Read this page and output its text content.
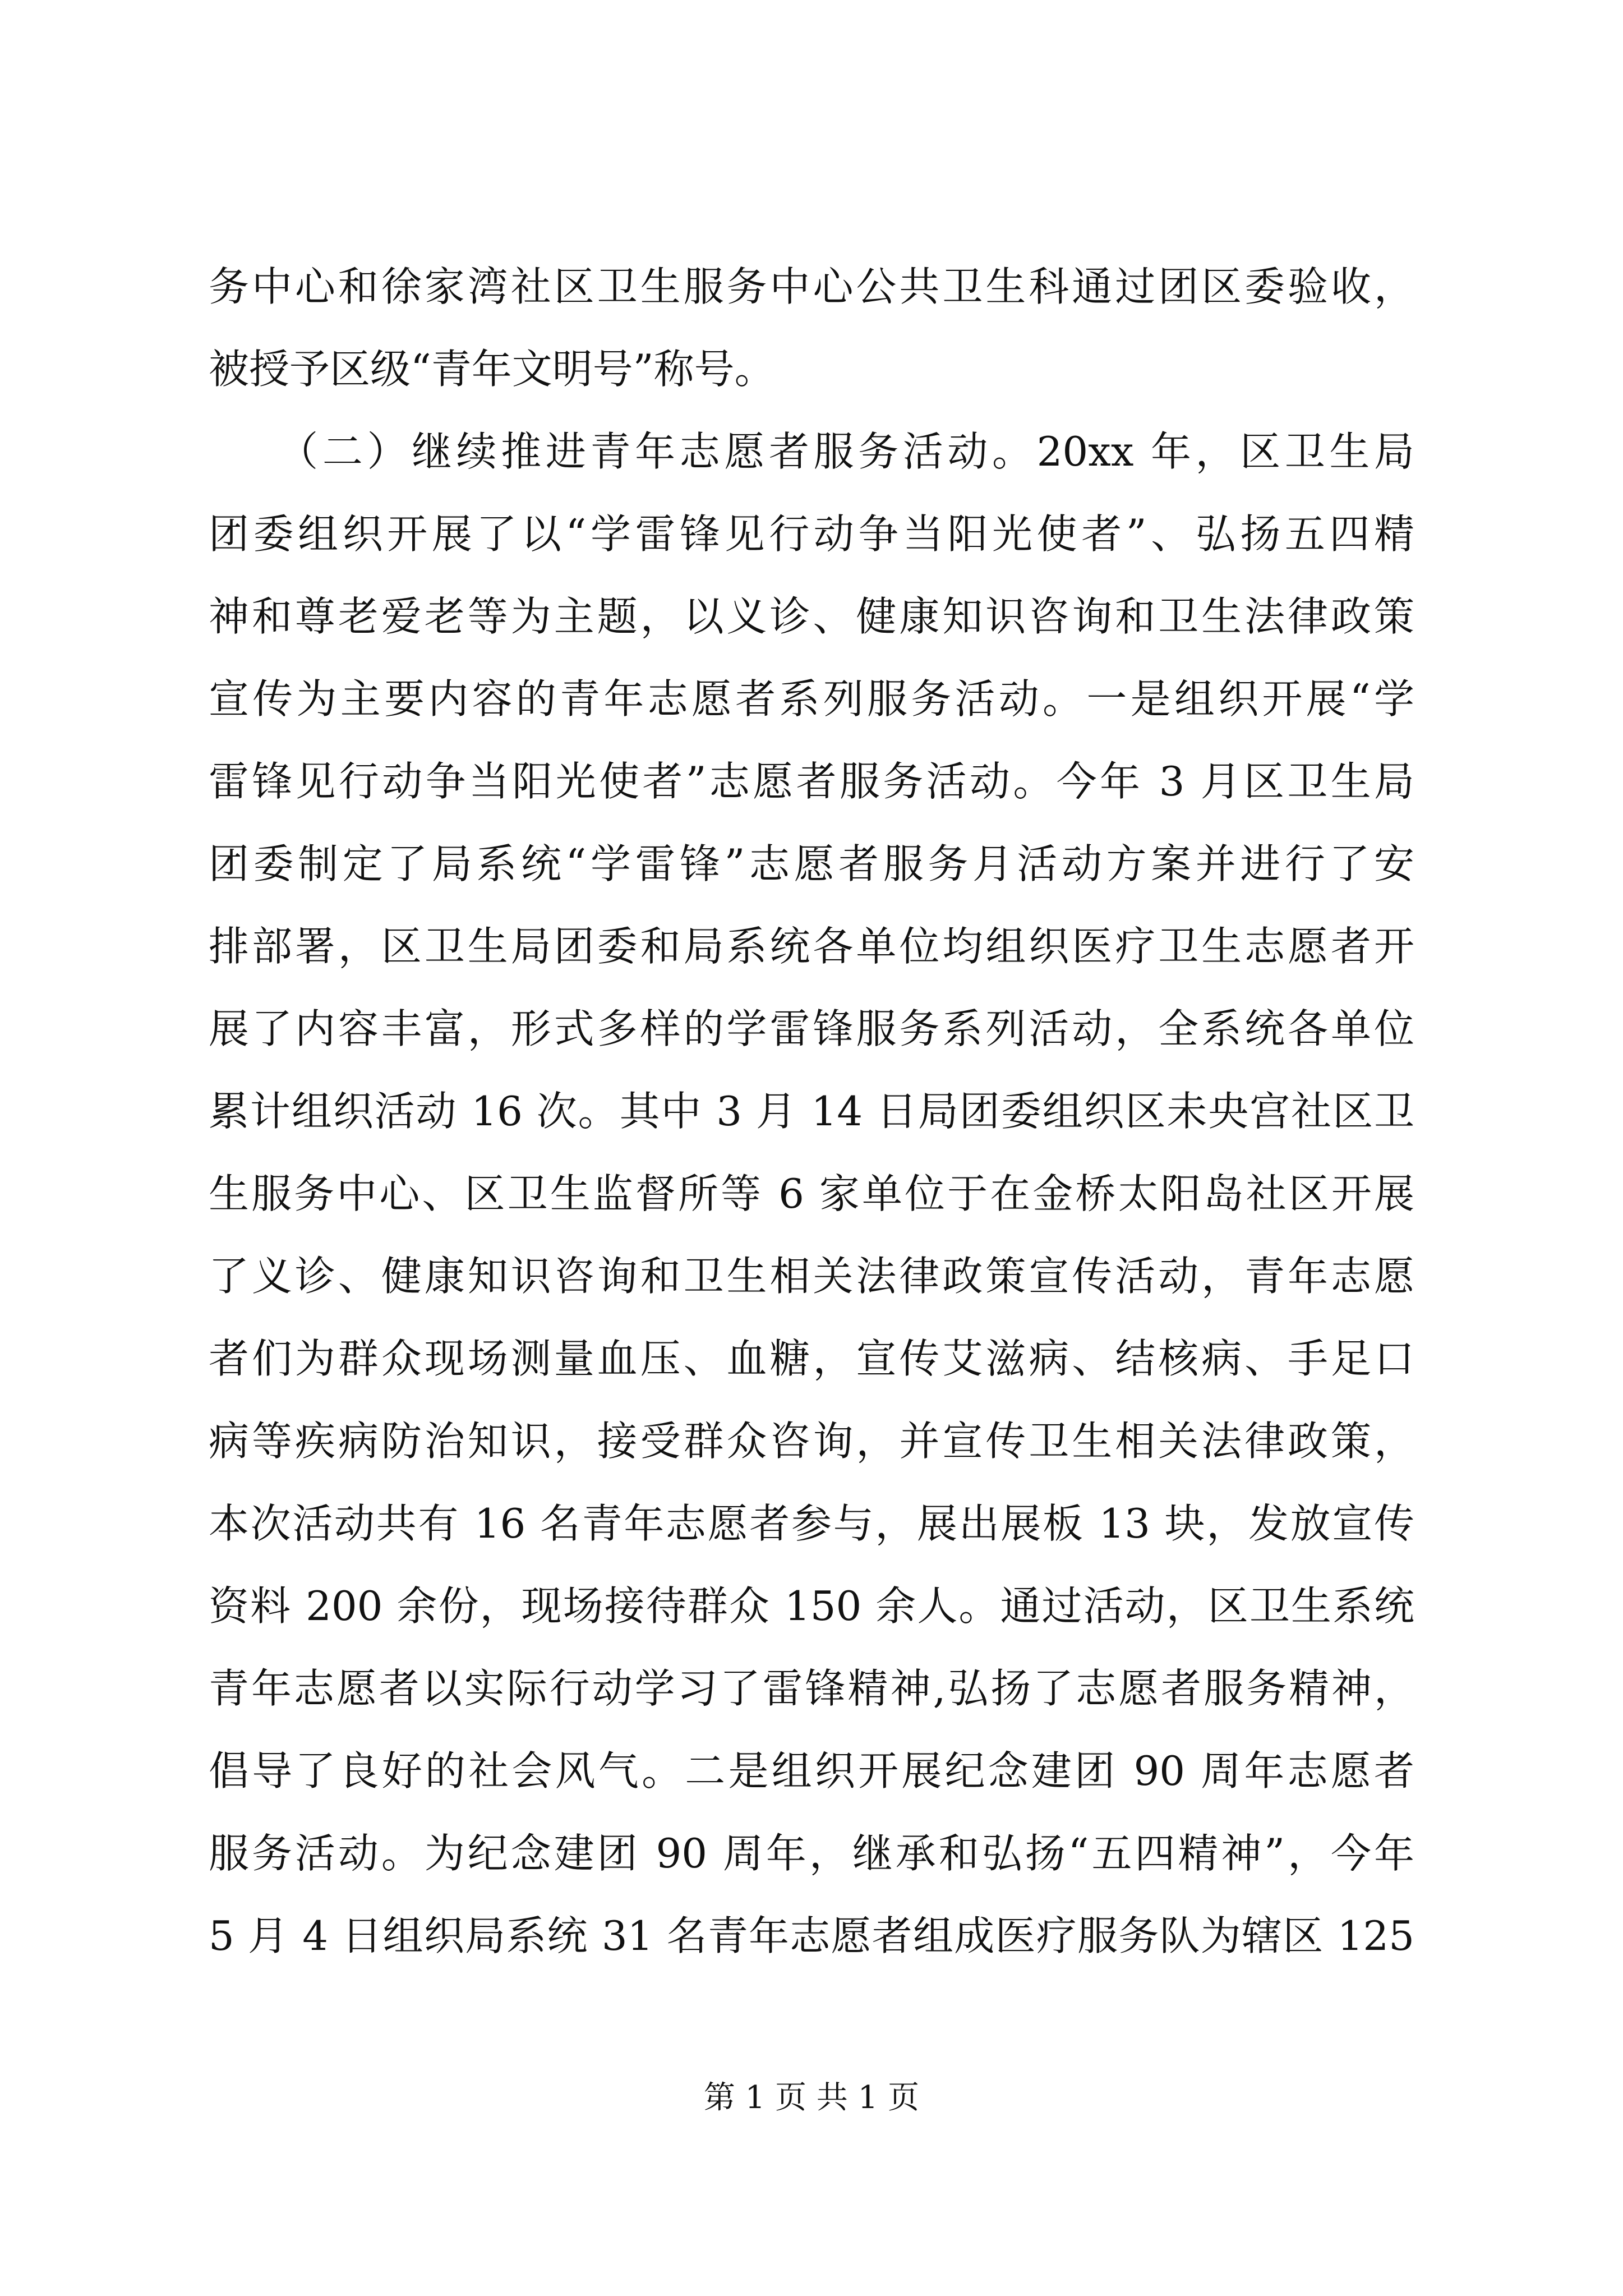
务中心和徐家湾社区卫生服务中心公共卫生科通过团区委验收，
被授予区级“青年文明号”称号。
　　（二）继续推进青年志愿者服务活动。20xx 年，区卫生局
团委组织开展了以“学雷锋见行动争当阳光使者”、弘扬五四精
神和尊老爱老等为主题，以义诊、健康知识咨询和卫生法律政策
宣传为主要内容的青年志愿者系列服务活动。一是组织开展“学
雷锋见行动争当阳光使者”志愿者服务活动。今年 3 月区卫生局
团委制定了局系统“学雷锋”志愿者服务月活动方案并进行了安
排部署，区卫生局团委和局系统各单位均组织医疗卫生志愿者开
展了内容丰富，形式多样的学雷锋服务系列活动，全系统各单位
累计组织活动 16 次。其中 3 月 14 日局团委组织区未央宫社区卫
生服务中心、区卫生监督所等 6 家单位于在金桥太阳岛社区开展
了义诊、健康知识咨询和卫生相关法律政策宣传活动，青年志愿
者们为群众现场测量血压、血糖，宣传艾滋病、结核病、手足口
病等疾病防治知识，接受群众咨询，并宣传卫生相关法律政策，
本次活动共有 16 名青年志愿者参与，展出展板 13 块，发放宣传
资料 200 余份，现场接待群众 150 余人。通过活动，区卫生系统
青年志愿者以实际行动学习了雷锋精神,弘扬了志愿者服务精神，
倡导了良好的社会风气。二是组织开展纪念建团 90 周年志愿者
服务活动。为纪念建团 90 周年，继承和弘扬“五四精神”，今年
5 月 4 日组织局系统 31 名青年志愿者组成医疗服务队为辖区 125
第 1 页 共 1 页
